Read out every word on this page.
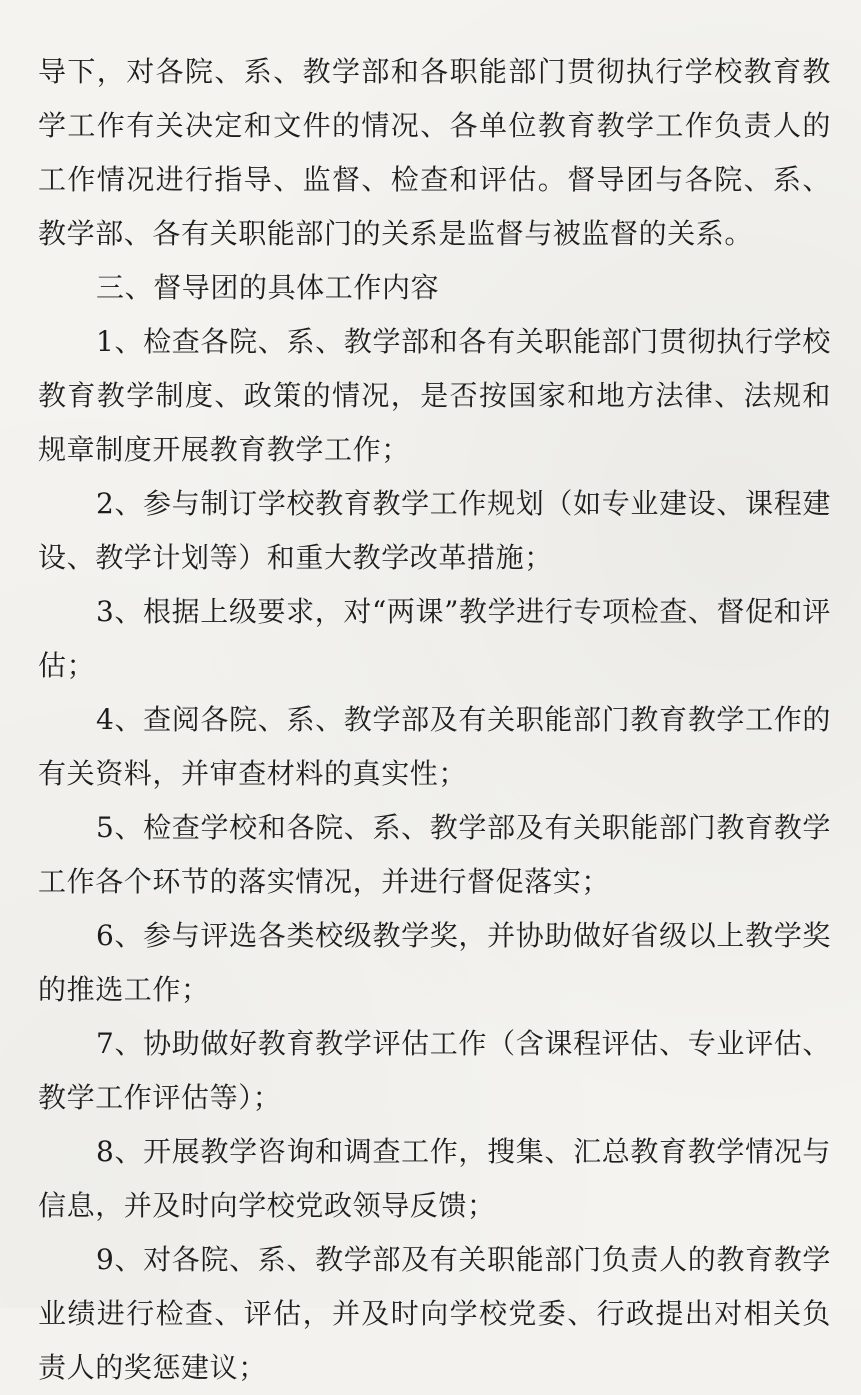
导下，对各院、系、教学部和各职能部门贯彻执行学校教育教学工作有关决定和文件的情况、各单位教育教学工作负责人的工作情况进行指导、监督、检查和评估。督导团与各院、系、教学部、各有关职能部门的关系是监督与被监督的关系。

三、督导团的具体工作内容

1、检查各院、系、教学部和各有关职能部门贯彻执行学校教育教学制度、政策的情况，是否按国家和地方法律、法规和规章制度开展教育教学工作；

2、参与制订学校教育教学工作规划（如专业建设、课程建设、教学计划等）和重大教学改革措施；

3、根据上级要求，对“两课”教学进行专项检查、督促和评估；

4、查阅各院、系、教学部及有关职能部门教育教学工作的有关资料，并审查材料的真实性；

5、检查学校和各院、系、教学部及有关职能部门教育教学工作各个环节的落实情况，并进行督促落实；

6、参与评选各类校级教学奖，并协助做好省级以上教学奖的推选工作；

7、协助做好教育教学评估工作（含课程评估、专业评估、教学工作评估等）；

8、开展教学咨询和调查工作，搜集、汇总教育教学情况与信息，并及时向学校党政领导反馈；

9、对各院、系、教学部及有关职能部门负责人的教育教学业绩进行检查、评估，并及时向学校党委、行政提出对相关负责人的奖惩建议；
